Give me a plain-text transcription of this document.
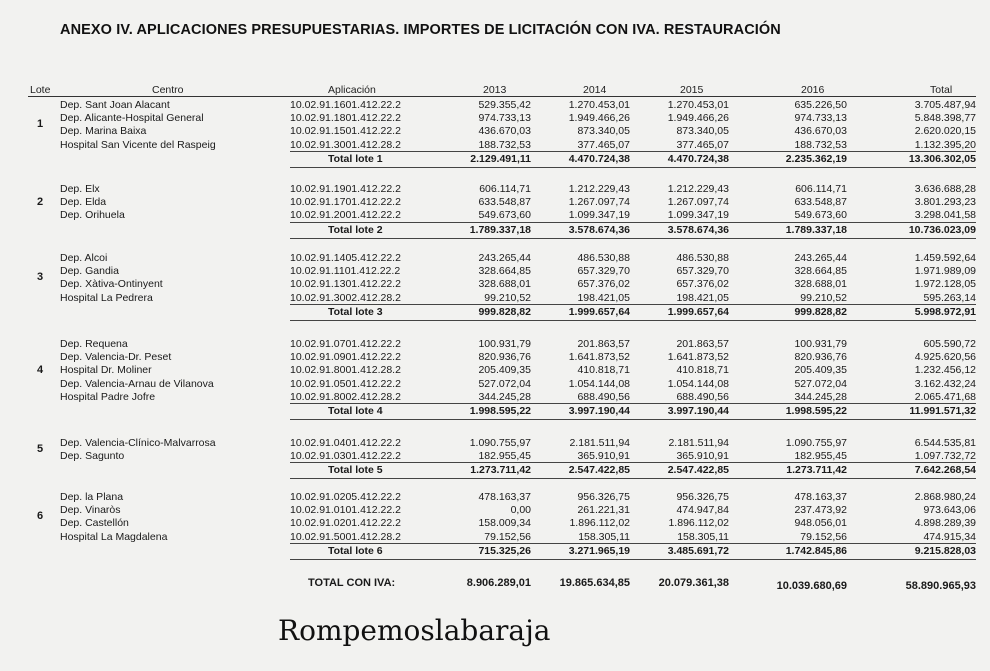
ANEXO IV. APLICACIONES PRESUPUESTARIAS. IMPORTES DE LICITACIÓN CON IVA. RESTAURACIÓN
Lote	Centro	Aplicación	2013	2014	2015	2016	Total
1
Dep. Sant Joan Alacant	10.02.91.1601.412.22.2	529.355,42	1.270.453,01	1.270.453,01	635.226,50	3.705.487,94
Dep. Alicante-Hospital General	10.02.91.1801.412.22.2	974.733,13	1.949.466,26	1.949.466,26	974.733,13	5.848.398,77
Dep. Marina Baixa	10.02.91.1501.412.22.2	436.670,03	873.340,05	873.340,05	436.670,03	2.620.020,15
Hospital San Vicente del Raspeig	10.02.91.3001.412.28.2	188.732,53	377.465,07	377.465,07	188.732,53	1.132.395,20
Total lote 1	2.129.491,11	4.470.724,38	4.470.724,38	2.235.362,19	13.306.302,05
2
Dep. Elx	10.02.91.1901.412.22.2	606.114,71	1.212.229,43	1.212.229,43	606.114,71	3.636.688,28
Dep. Elda	10.02.91.1701.412.22.2	633.548,87	1.267.097,74	1.267.097,74	633.548,87	3.801.293,23
Dep. Orihuela	10.02.91.2001.412.22.2	549.673,60	1.099.347,19	1.099.347,19	549.673,60	3.298.041,58
Total lote 2	1.789.337,18	3.578.674,36	3.578.674,36	1.789.337,18	10.736.023,09
3
Dep. Alcoi	10.02.91.1405.412.22.2	243.265,44	486.530,88	486.530,88	243.265,44	1.459.592,64
Dep. Gandia	10.02.91.1101.412.22.2	328.664,85	657.329,70	657.329,70	328.664,85	1.971.989,09
Dep. Xàtiva-Ontinyent	10.02.91.1301.412.22.2	328.688,01	657.376,02	657.376,02	328.688,01	1.972.128,05
Hospital La Pedrera	10.02.91.3002.412.28.2	99.210,52	198.421,05	198.421,05	99.210,52	595.263,14
Total lote 3	999.828,82	1.999.657,64	1.999.657,64	999.828,82	5.998.972,91
4
Dep. Requena	10.02.91.0701.412.22.2	100.931,79	201.863,57	201.863,57	100.931,79	605.590,72
Dep. Valencia-Dr. Peset	10.02.91.0901.412.22.2	820.936,76	1.641.873,52	1.641.873,52	820.936,76	4.925.620,56
Hospital Dr. Moliner	10.02.91.8001.412.28.2	205.409,35	410.818,71	410.818,71	205.409,35	1.232.456,12
Dep. Valencia-Arnau de Vilanova	10.02.91.0501.412.22.2	527.072,04	1.054.144,08	1.054.144,08	527.072,04	3.162.432,24
Hospital Padre Jofre	10.02.91.8002.412.28.2	344.245,28	688.490,56	688.490,56	344.245,28	2.065.471,68
Total lote 4	1.998.595,22	3.997.190,44	3.997.190,44	1.998.595,22	11.991.571,32
5
Dep. Valencia-Clínico-Malvarrosa	10.02.91.0401.412.22.2	1.090.755,97	2.181.511,94	2.181.511,94	1.090.755,97	6.544.535,81
Dep. Sagunto	10.02.91.0301.412.22.2	182.955,45	365.910,91	365.910,91	182.955,45	1.097.732,72
Total lote 5	1.273.711,42	2.547.422,85	2.547.422,85	1.273.711,42	7.642.268,54
6
Dep. la Plana	10.02.91.0205.412.22.2	478.163,37	956.326,75	956.326,75	478.163,37	2.868.980,24
Dep. Vinaròs	10.02.91.0101.412.22.2	0,00	261.221,31	474.947,84	237.473,92	973.643,06
Dep. Castellón	10.02.91.0201.412.22.2	158.009,34	1.896.112,02	1.896.112,02	948.056,01	4.898.289,39
Hospital La Magdalena	10.02.91.5001.412.28.2	79.152,56	158.305,11	158.305,11	79.152,56	474.915,34
Total lote 6	715.325,26	3.271.965,19	3.485.691,72	1.742.845,86	9.215.828,03
TOTAL CON IVA:	8.906.289,01	19.865.634,85	20.079.361,38	10.039.680,69	58.890.965,93
Rompemoslabaraja
